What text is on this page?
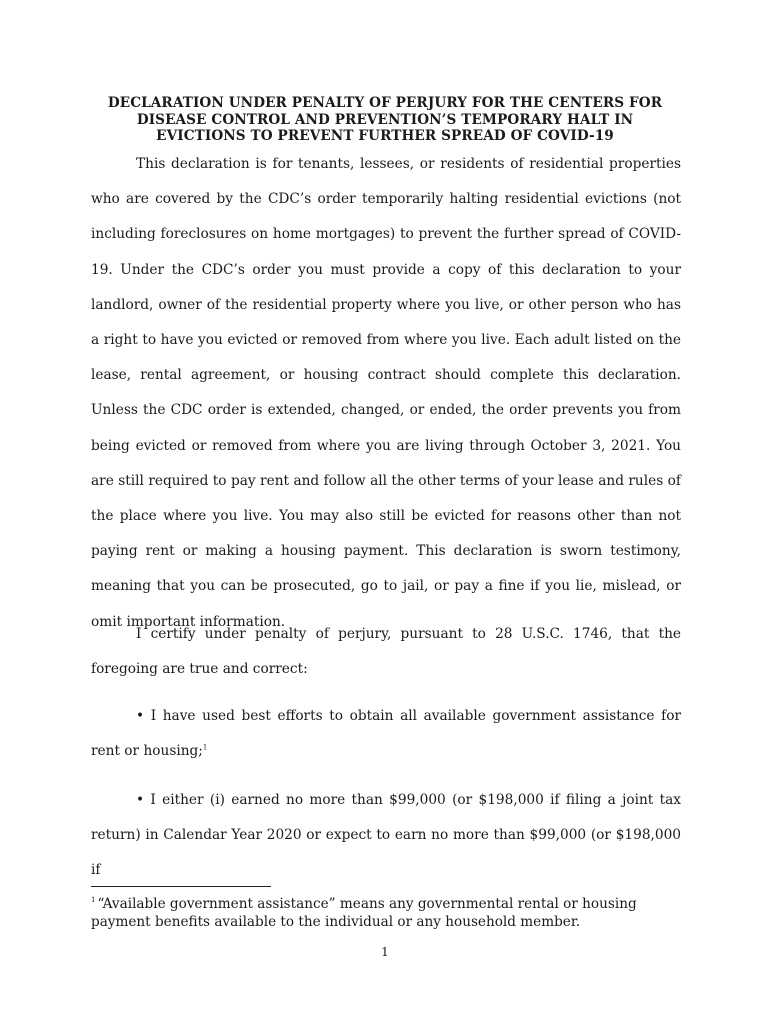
DECLARATION UNDER PENALTY OF PERJURY FOR THE CENTERS FOR DISEASE CONTROL AND PREVENTION’S TEMPORARY HALT IN EVICTIONS TO PREVENT FURTHER SPREAD OF COVID-19

This declaration is for tenants, lessees, or residents of residential properties who are covered by the CDC’s order temporarily halting residential evictions (not including foreclosures on home mortgages) to prevent the further spread of COVID-19. Under the CDC’s order you must provide a copy of this declaration to your landlord, owner of the residential property where you live, or other person who has a right to have you evicted or removed from where you live. Each adult listed on the lease, rental agreement, or housing contract should complete this declaration. Unless the CDC order is extended, changed, or ended, the order prevents you from being evicted or removed from where you are living through October 3, 2021. You are still required to pay rent and follow all the other terms of your lease and rules of the place where you live. You may also still be evicted for reasons other than not paying rent or making a housing payment. This declaration is sworn testimony, meaning that you can be prosecuted, go to jail, or pay a fine if you lie, mislead, or omit important information.

I certify under penalty of perjury, pursuant to 28 U.S.C. 1746, that the foregoing are true and correct:

• I have used best efforts to obtain all available government assistance for rent or housing;$^1$

• I either (i) earned no more than $99,000 (or $198,000 if filing a joint tax return) in Calendar Year 2020 or expect to earn no more than $99,000 (or $198,000 if

$^1$ “Available government assistance” means any governmental rental or housing payment benefits available to the individual or any household member.

1
